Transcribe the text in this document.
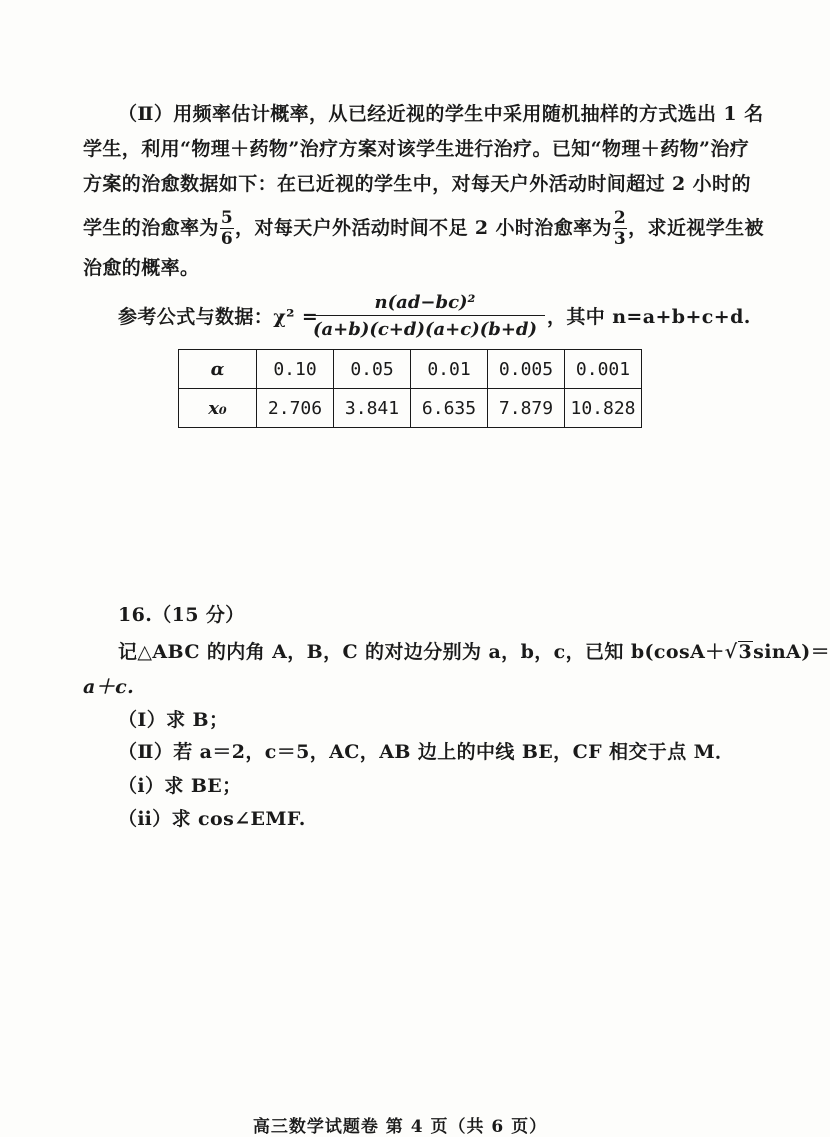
（Ⅱ）用频率估计概率，从已经近视的学生中采用随机抽样的方式选出 1 名
学生，利用“物理＋药物”治疗方案对该学生进行治疗。已知“物理＋药物”治疗
方案的治愈数据如下：在已近视的学生中，对每天户外活动时间超过 2 小时的
学生的治愈率为 $\frac{5}{6}$ ，对每天户外活动时间不足 2 小时治愈率为 $\frac{2}{3}$ ，求近视学生被
治愈的概率。
参考公式与数据：χ² =
$\frac{\text{n(ad−bc)²}}{(a+b)(c+d)(a+c)(b+d)}$ ，其中 n=a+b+c+d.
α	0.10	0.05	0.01	0.005	0.001
x₀	2.706	3.841	6.635	7.879	10.828
16.（15 分）
记△ABC 的内角 A，B，C 的对边分别为 a，b，c，已知 b(cosA＋√3sinA)＝
a＋c.
（Ⅰ）求 B；
（Ⅱ）若 a＝2，c＝5，AC，AB 边上的中线 BE，CF 相交于点 M．
（ⅰ）求 BE；
（ⅱ）求 cos∠EMF.
高三数学试题卷 第 4 页（共 6 页）
